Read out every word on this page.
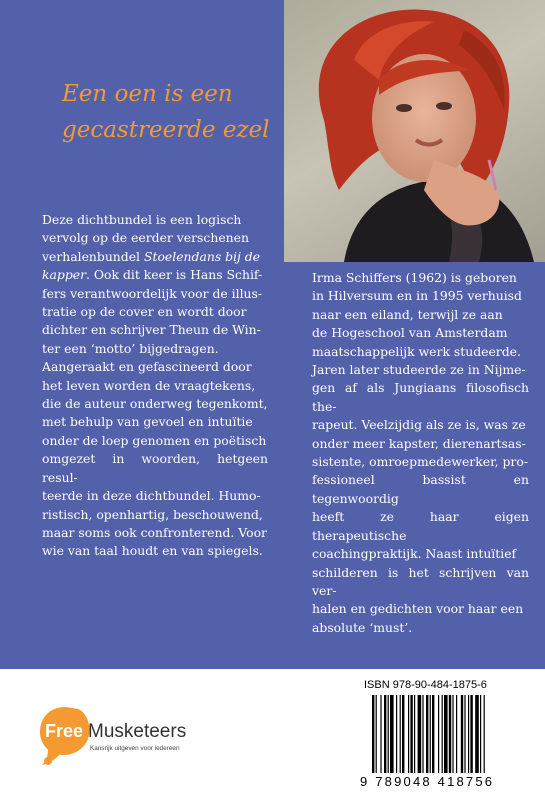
Een oen is een
gecastreerde ezel
Deze dichtbundel is een logisch
vervolg op de eerder verschenen
verhalenbundel Stoelendans bij de
kapper. Ook dit keer is Hans Schif-
fers verantwoordelijk voor de illus-
tratie op de cover en wordt door
dichter en schrijver Theun de Win-
ter een ‘motto’ bijgedragen.
Aangeraakt en gefascineerd door
het leven worden de vraagtekens,
die de auteur onderweg tegenkomt,
met behulp van gevoel en intuïtie
onder de loep genomen en poëtisch
omgezet in woorden, hetgeen resul-
teerde in deze dichtbundel. Humo-
ristisch, openhartig, beschouwend,
maar soms ook confronterend. Voor
wie van taal houdt en van spiegels.
Irma Schiffers (1962) is geboren
in Hilversum en in 1995 verhuisd
naar een eiland, terwijl ze aan
de Hogeschool van Amsterdam
maatschappelijk werk studeerde.
Jaren later studeerde ze in Nijme-
gen af als Jungiaans filosofisch the-
rapeut. Veelzijdig als ze is, was ze
onder meer kapster, dierenartsas-
sistente, omroepmedewerker, pro-
fessioneel bassist en tegenwoordig
heeft ze haar eigen therapeutische
coachingpraktijk. Naast intuïtief
schilderen is het schrijven van ver-
halen en gedichten voor haar een
absolute ‘must’.
Free Musketeers
Kansrijk uitgeven voor iedereen
ISBN 978-90-484-1875-6
9 789048 418756
